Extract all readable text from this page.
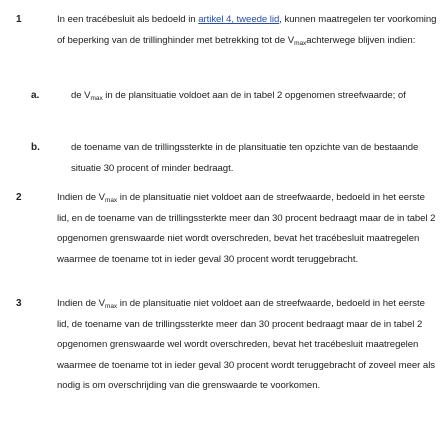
1	In een tracébesluit als bedoeld in artikel 4, tweede lid, kunnen maatregelen ter voorkoming of beperking van de trillinghinder met betrekking tot de $V_{max}achterwege$ blijven indien:
a.	de $V_{max}$ in de plansituatie voldoet aan de in tabel 2 opgenomen streefwaarde; of
b.	de toename van de trillingssterkte in de plansituatie ten opzichte van de bestaande situatie 30 procent of minder bedraagt.
2	Indien de $V_{max}$ in de plansituatie niet voldoet aan de streefwaarde, bedoeld in het eerste lid, en de toename van de trillingssterkte meer dan 30 procent bedraagt maar de in tabel 2 opgenomen grenswaarde niet wordt overschreden, bevat het tracébesluit maatregelen waarmee de toename tot in ieder geval 30 procent wordt teruggebracht.
3	Indien de $V_{max}$ in de plansituatie niet voldoet aan de streefwaarde, bedoeld in het eerste lid, de toename van de trillingssterkte meer dan 30 procent bedraagt maar de in tabel 2 opgenomen grenswaarde wel wordt overschreden, bevat het tracébesluit maatregelen waarmee de toename tot in ieder geval 30 procent wordt teruggebracht of zoveel meer als nodig is om overschrijding van die grenswaarde te voorkomen.
